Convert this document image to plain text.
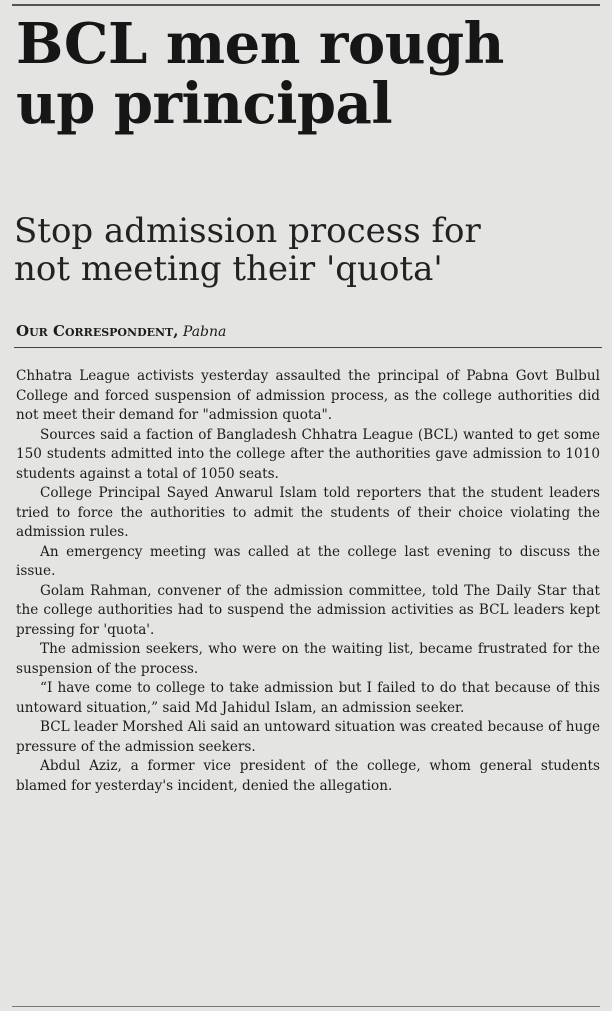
BCL men rough
up principal
Stop admission process for
not meeting their 'quota'
Our Correspondent, Pabna

Chhatra League activists yesterday assaulted the principal of Pabna Govt Bulbul College and forced suspension of admission process, as the college authorities did not meet their demand for "admission quota".

Sources said a faction of Bangladesh Chhatra League (BCL) wanted to get some 150 students admitted into the college after the authorities gave admission to 1010 students against a total of 1050 seats.

College Principal Sayed Anwarul Islam told reporters that the student leaders tried to force the authorities to admit the students of their choice violating the admission rules.

An emergency meeting was called at the college last evening to discuss the issue.

Golam Rahman, convener of the admission committee, told The Daily Star that the college authorities had to suspend the admission activities as BCL leaders kept pressing for 'quota'.

The admission seekers, who were on the waiting list, became frustrated for the suspension of the process.

“I have come to college to take admission but I failed to do that because of this untoward situation,” said Md Jahidul Islam, an admission seeker.

BCL leader Morshed Ali said an untoward situation was created because of huge pressure of the admission seekers.

Abdul Aziz, a former vice president of the college, whom general students blamed for yesterday's incident, denied the allegation.
